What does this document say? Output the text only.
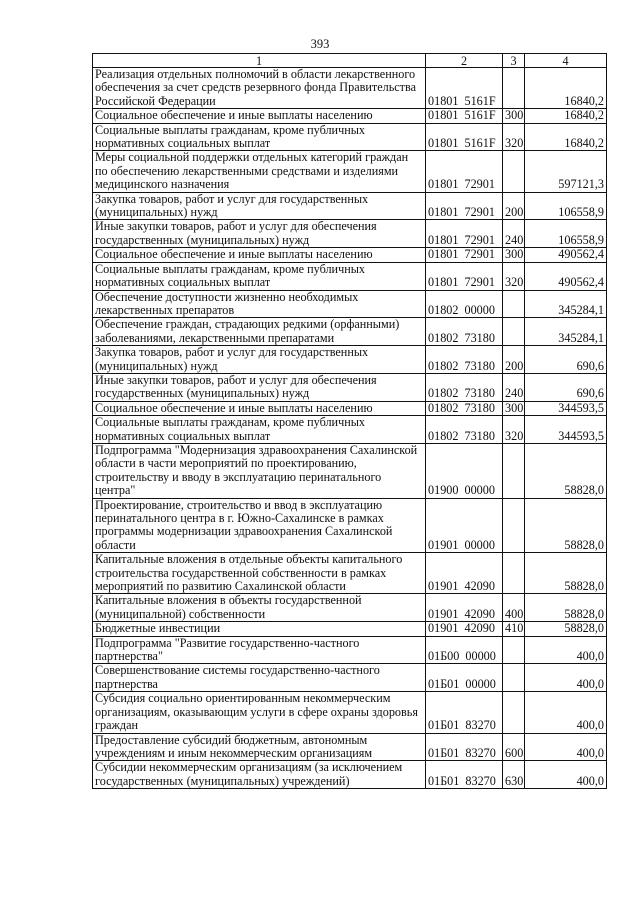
393
1	2	3	4
Реализация отдельных полномочий в области лекарственного обеспечения за счет средств резервного фонда Правительства Российской Федерации	01801 5161F		16840,2
Социальное обеспечение и иные выплаты населению	01801 5161F	300	16840,2
Социальные выплаты гражданам, кроме публичных нормативных социальных выплат	01801 5161F	320	16840,2
Меры социальной поддержки отдельных категорий граждан по обеспечению лекарственными средствами и изделиями медицинского назначения	01801 72901		597121,3
Закупка товаров, работ и услуг для государственных (муниципальных) нужд	01801 72901	200	106558,9
Иные закупки товаров, работ и услуг для обеспечения государственных (муниципальных) нужд	01801 72901	240	106558,9
Социальное обеспечение и иные выплаты населению	01801 72901	300	490562,4
Социальные выплаты гражданам, кроме публичных нормативных социальных выплат	01801 72901	320	490562,4
Обеспечение доступности жизненно необходимых лекарственных препаратов	01802 00000		345284,1
Обеспечение граждан, страдающих редкими (орфанными) заболеваниями, лекарственными препаратами	01802 73180		345284,1
Закупка товаров, работ и услуг для государственных (муниципальных) нужд	01802 73180	200	690,6
Иные закупки товаров, работ и услуг для обеспечения государственных (муниципальных) нужд	01802 73180	240	690,6
Социальное обеспечение и иные выплаты населению	01802 73180	300	344593,5
Социальные выплаты гражданам, кроме публичных нормативных социальных выплат	01802 73180	320	344593,5
Подпрограмма "Модернизация здравоохранения Сахалинской области в части мероприятий по проектированию, строительству и вводу в эксплуатацию перинатального центра"	01900 00000		58828,0
Проектирование, строительство и ввод в эксплуатацию перинатального центра в г. Южно-Сахалинске в рамках программы модернизации здравоохранения Сахалинской области	01901 00000		58828,0
Капитальные вложения в отдельные объекты капитального строительства государственной собственности в рамках мероприятий по развитию Сахалинской области	01901 42090		58828,0
Капитальные вложения в объекты государственной (муниципальной) собственности	01901 42090	400	58828,0
Бюджетные инвестиции	01901 42090	410	58828,0
Подпрограмма "Развитие государственно-частного партнерства"	01Б00 00000		400,0
Совершенствование системы государственно-частного партнерства	01Б01 00000		400,0
Субсидия социально ориентированным некоммерческим организациям, оказывающим услуги в сфере охраны здоровья граждан	01Б01 83270		400,0
Предоставление субсидий бюджетным, автономным учреждениям и иным некоммерческим организациям	01Б01 83270	600	400,0
Субсидии некоммерческим организациям (за исключением государственных (муниципальных) учреждений)	01Б01 83270	630	400,0
